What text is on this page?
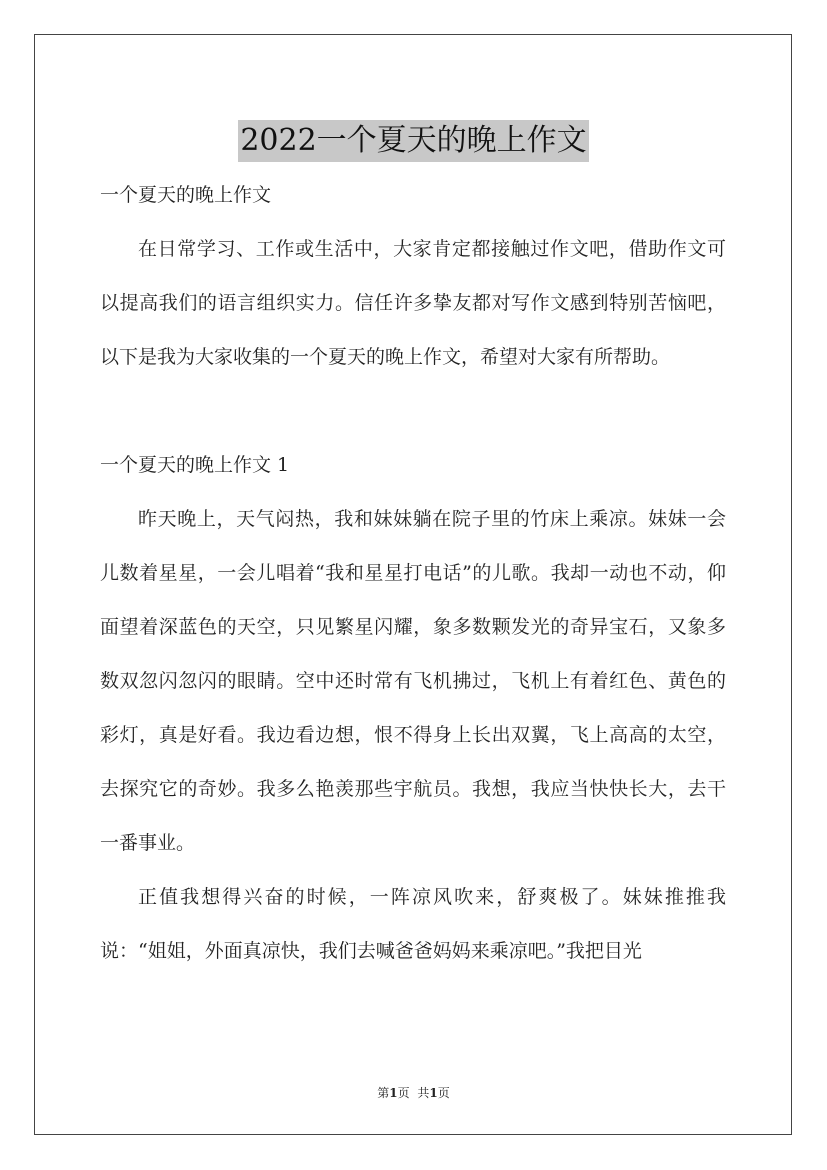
2022一个夏天的晚上作文

一个夏天的晚上作文

在日常学习、工作或生活中，大家肯定都接触过作文吧，借助作文可以提高我们的语言组织实力。信任许多挚友都对写作文感到特别苦恼吧，以下是我为大家收集的一个夏天的晚上作文，希望对大家有所帮助。

一个夏天的晚上作文 1

昨天晚上，天气闷热，我和妹妹躺在院子里的竹床上乘凉。妹妹一会儿数着星星，一会儿唱着“我和星星打电话”的儿歌。我却一动也不动，仰面望着深蓝色的天空，只见繁星闪耀，象多数颗发光的奇异宝石，又象多数双忽闪忽闪的眼睛。空中还时常有飞机拂过，飞机上有着红色、黄色的彩灯，真是好看。我边看边想，恨不得身上长出双翼，飞上高高的太空，去探究它的奇妙。我多么艳羡那些宇航员。我想，我应当快快长大，去干一番事业。

正值我想得兴奋的时候，一阵凉风吹来，舒爽极了。妹妹推推我说：“姐姐，外面真凉快，我们去喊爸爸妈妈来乘凉吧。”我把目光

第1页 共1页
